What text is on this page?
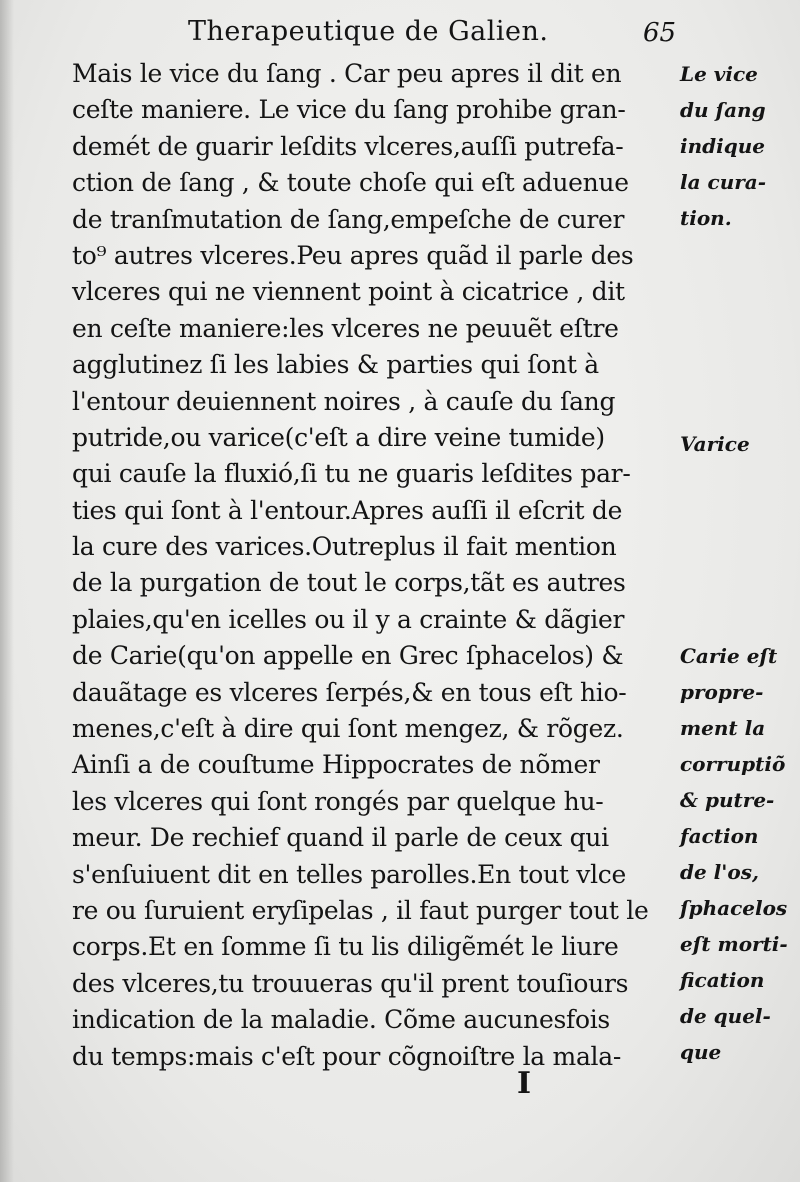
Therapeutique de Galien.	65
Mais le vice du ſang . Car peu apres il dit en
ceſte maniere. Le vice du ſang prohibe gran-
demét de guarir leſdits vlceres,auſſi putrefa-
ction de ſang , & toute choſe qui eſt aduenue
de tranſmutation de ſang,empeſche de curer
to⁹ autres vlceres.Peu apres quãd il parle des
vlceres qui ne viennent point à cicatrice , dit
en ceſte maniere:les vlceres ne peuuẽt eſtre
agglutinez ſi les labies & parties qui ſont à
l'entour deuiennent noires , à cauſe du ſang
putride,ou varice(c'eſt a dire veine tumide)
qui cauſe la fluxió,ſi tu ne guaris leſdites par-
ties qui ſont à l'entour.Apres auſſi il eſcrit de
la cure des varices.Outreplus il fait mention
de la purgation de tout le corps,tãt es autres
plaies,qu'en icelles ou il y a crainte & dãgier
de Carie(qu'on appelle en Grec ſphacelos) &
dauãtage es vlceres ſerpés,& en tous eſt hio-
menes,c'eſt à dire qui ſont mengez, & rõgez.
Ainſi a de couſtume Hippocrates de nõmer
les vlceres qui ſont rongés par quelque hu-
meur. De rechief quand il parle de ceux qui
s'enſuiuent dit en telles parolles.En tout vlce
re ou ſuruient eryſipelas , il faut purger tout le
corps.Et en ſomme ſi tu lis diligẽmét le liure
des vlceres,tu trouueras qu'il prent touſiours
indication de la maladie. Cõme aucunesfois
du temps:mais c'eſt pour cõgnoiſtre la mala-
Le vice
du ſang
indique
la cura-
tion.
Varice
Carie eſt
propre-
ment la
corruptiõ
& putre-
faction
de l'os,
ſphacelos
eſt morti-
fication
de quel-
que
I
